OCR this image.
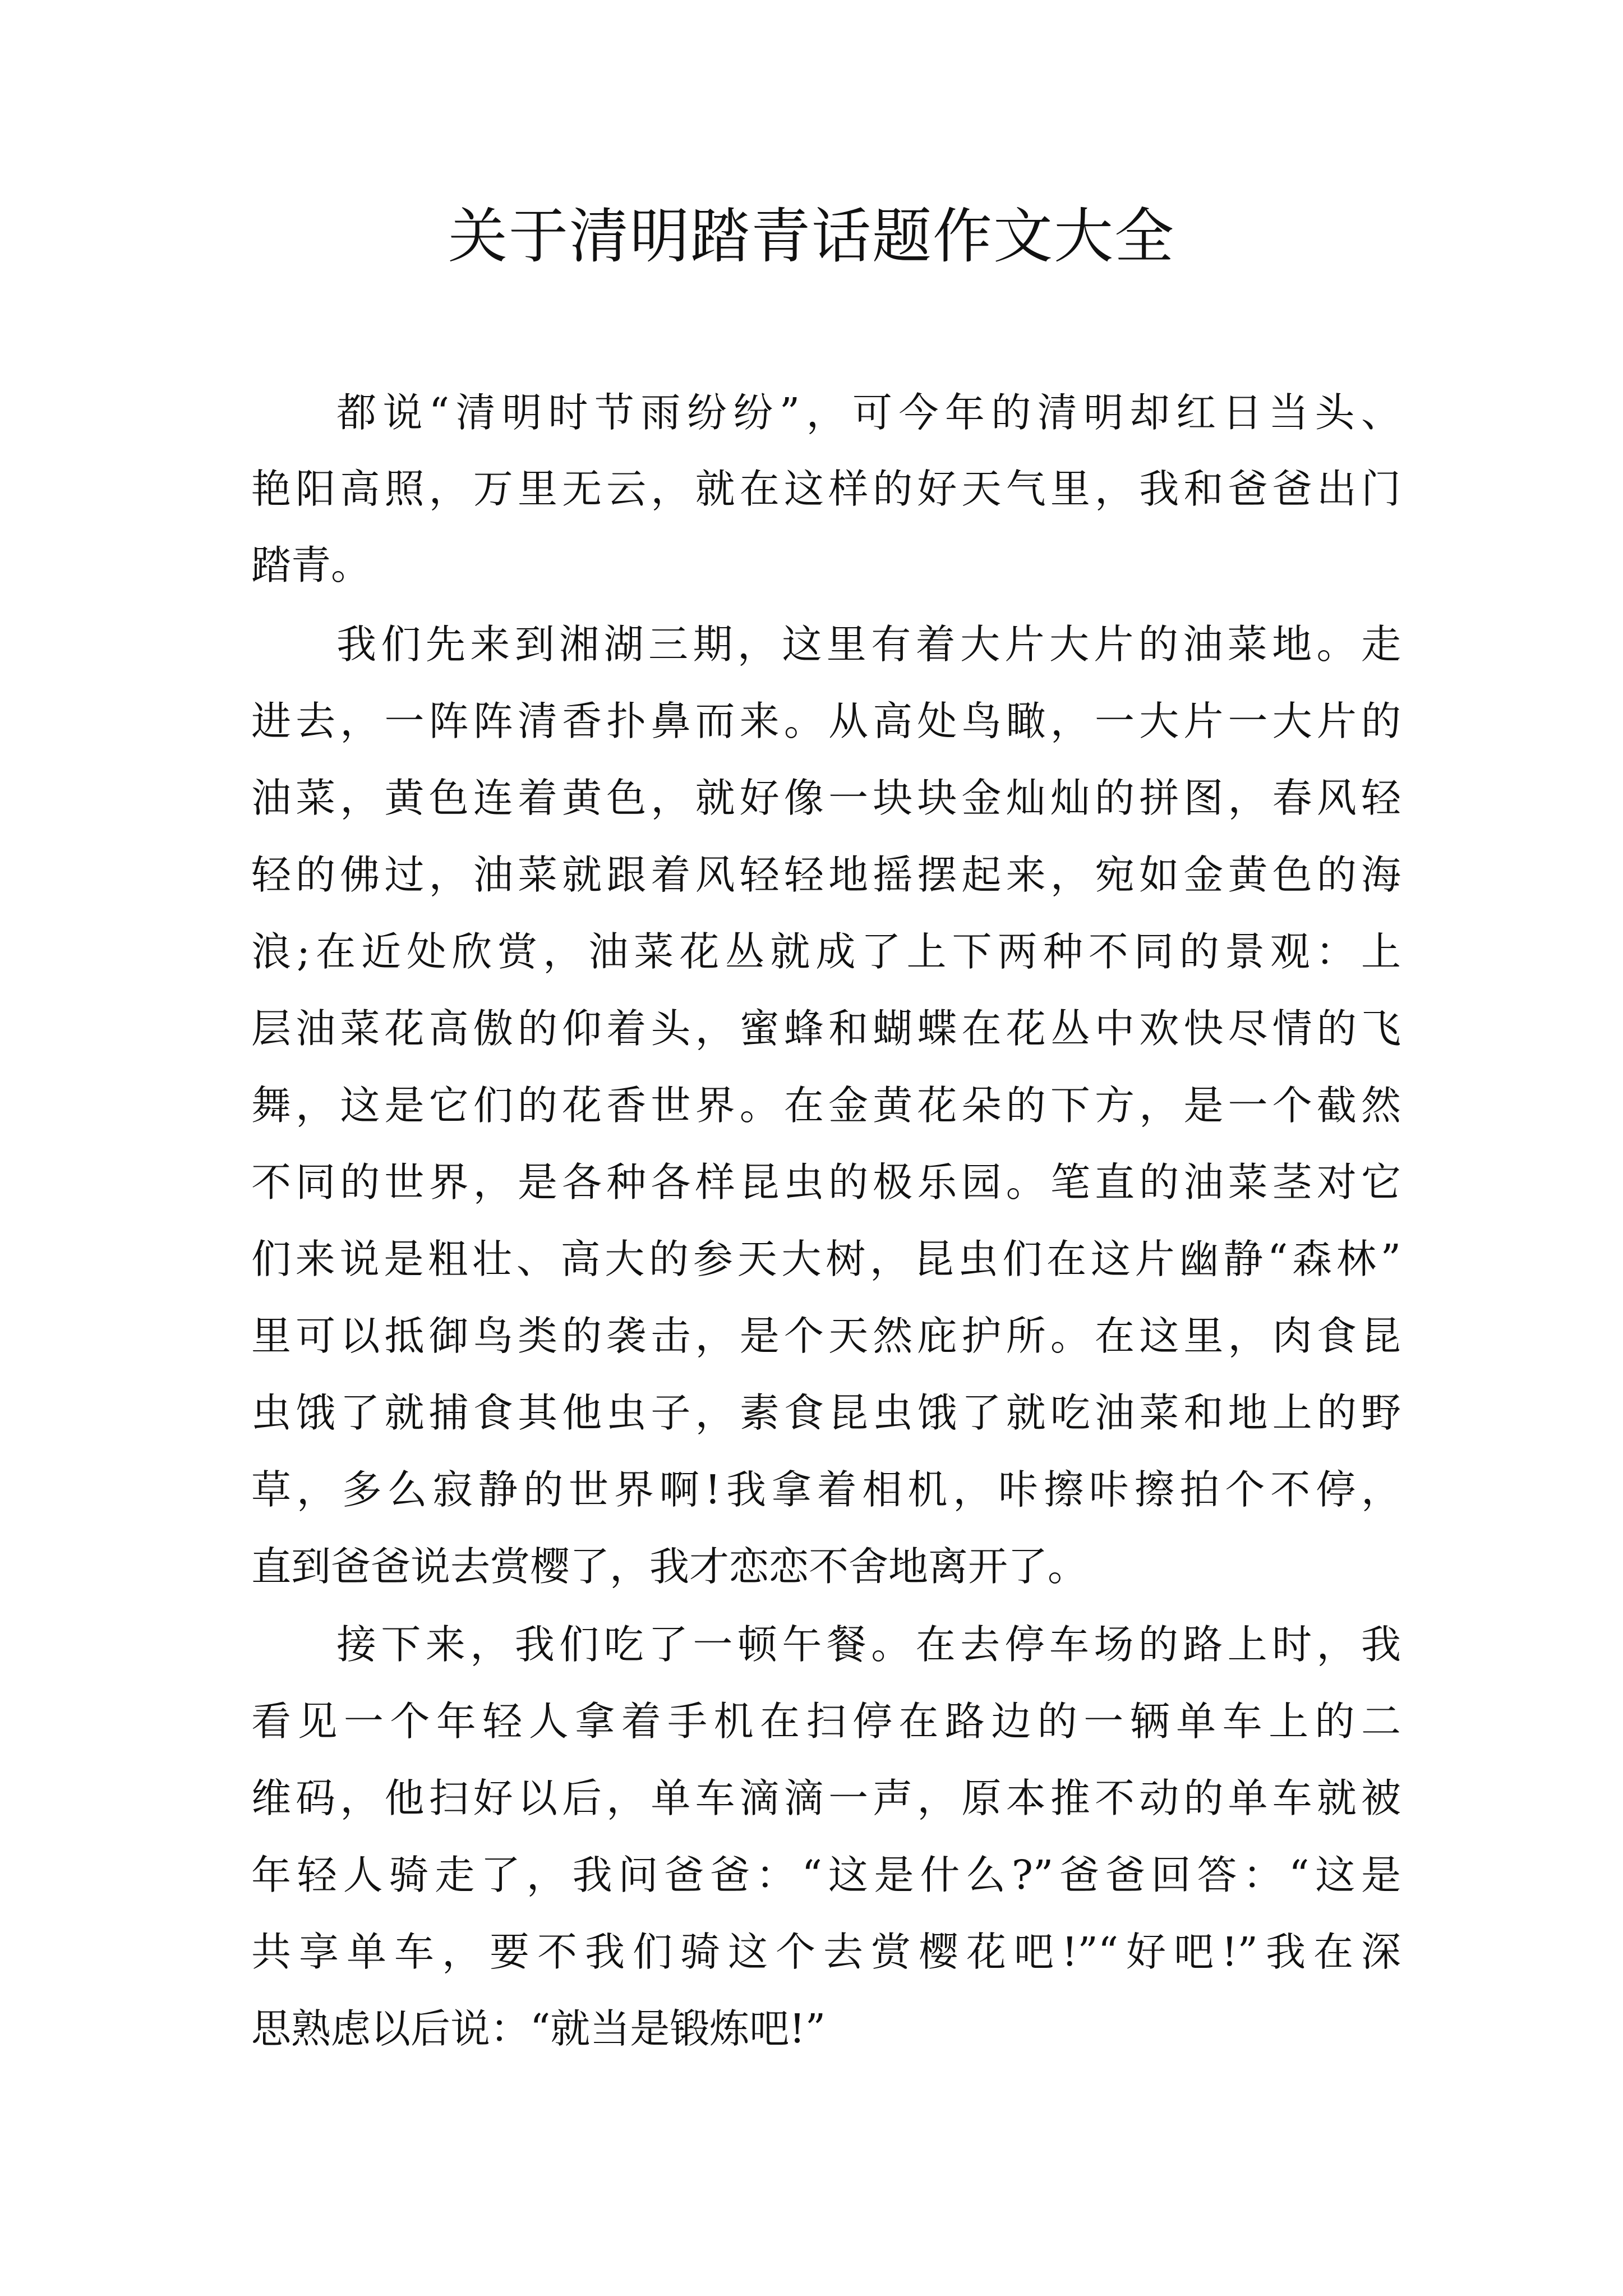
关于清明踏青话题作文大全
都说“清明时节雨纷纷”，可今年的清明却红日当头、
艳阳高照，万里无云，就在这样的好天气里，我和爸爸出门
踏青。
我们先来到湘湖三期，这里有着大片大片的油菜地。走
进去，一阵阵清香扑鼻而来。从高处鸟瞰，一大片一大片的
油菜，黄色连着黄色，就好像一块块金灿灿的拼图，春风轻
轻的佛过，油菜就跟着风轻轻地摇摆起来，宛如金黄色的海
浪;在近处欣赏，油菜花丛就成了上下两种不同的景观：上
层油菜花高傲的仰着头，蜜蜂和蝴蝶在花丛中欢快尽情的飞
舞，这是它们的花香世界。在金黄花朵的下方，是一个截然
不同的世界，是各种各样昆虫的极乐园。笔直的油菜茎对它
们来说是粗壮、高大的参天大树，昆虫们在这片幽静“森林”
里可以抵御鸟类的袭击，是个天然庇护所。在这里，肉食昆
虫饿了就捕食其他虫子，素食昆虫饿了就吃油菜和地上的野
草，多么寂静的世界啊!我拿着相机，咔擦咔擦拍个不停，
直到爸爸说去赏樱了，我才恋恋不舍地离开了。
接下来，我们吃了一顿午餐。在去停车场的路上时，我
看见一个年轻人拿着手机在扫停在路边的一辆单车上的二
维码，他扫好以后，单车滴滴一声，原本推不动的单车就被
年轻人骑走了，我问爸爸：“这是什么?”爸爸回答：“这是
共享单车，要不我们骑这个去赏樱花吧!”“好吧!”我在深
思熟虑以后说：“就当是锻炼吧!”
